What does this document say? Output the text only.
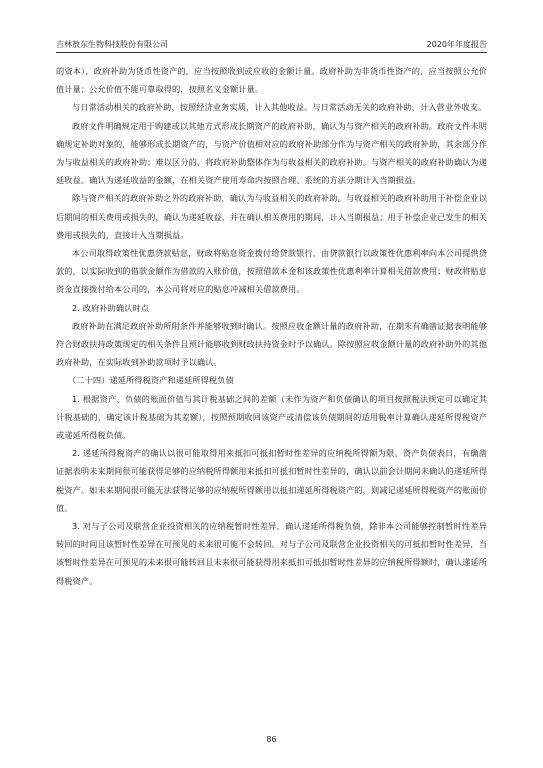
吉林敖东生物科技股份有限公司	2020年年度报告

的资本），政府补助为货币性资产的，应当按照收到或应收的金额计量。政府补助为非货币性资产的，应当按照公允价值计量；公允价值不能可靠取得的，按照名义金额计量。

与日常活动相关的政府补助，按照经济业务实质，计入其他收益。与日常活动无关的政府补助，计入营业外收支。

政府文件明确规定用于购建或以其他方式形成长期资产的政府补助，确认为与资产相关的政府补助。政府文件未明确规定补助对象的，能够形成长期资产的，与资产价值相对应的政府补助部分作为与资产相关的政府补助，其余部分作为与收益相关的政府补助；难以区分的，将政府补助整体作为与收益相关的政府补助。与资产相关的政府补助确认为递延收益。确认为递延收益的金额，在相关资产使用寿命内按照合理、系统的方法分期计入当期损益。

除与资产相关的政府补助之外的政府补助，确认为与收益相关的政府补助。与收益相关的政府补助用于补偿企业以后期间的相关费用或损失的，确认为递延收益，并在确认相关费用的期间，计入当期损益；用于补偿企业已发生的相关费用或损失的，直接计入当期损益。

本公司取得政策性优惠贷款贴息，财政将贴息资金拨付给贷款银行，由贷款银行以政策性优惠利率向本公司提供贷款的，以实际收到的借款金额作为借款的入账价值，按照借款本金和该政策性优惠利率计算相关借款费用；财政将贴息资金直接拨付给本公司的，本公司将对应的贴息冲减相关借款费用。

2. 政府补助确认时点

政府补助在满足政府补助所附条件并能够收到时确认。按照应收金额计量的政府补助，在期末有确凿证据表明能够符合财政扶持政策规定的相关条件且预计能够收到财政扶持资金时予以确认。除按照应收金额计量的政府补助外的其他政府补助，在实际收到补助款项时予以确认。

（二十四）递延所得税资产和递延所得税负债

1. 根据资产、负债的账面价值与其计税基础之间的差额（未作为资产和负债确认的项目按照税法规定可以确定其计税基础的，确定该计税基础为其差额），按照预期收回该资产或清偿该负债期间的适用税率计算确认递延所得税资产或递延所得税负债。

2. 递延所得税资产的确认以很可能取得用来抵扣可抵扣暂时性差异的应纳税所得额为限。资产负债表日，有确凿证据表明未来期间很可能获得足够的应纳税所得额用来抵扣可抵扣暂时性差异的，确认以前会计期间未确认的递延所得税资产。如未来期间很可能无法获得足够的应纳税所得额用以抵扣递延所得税资产的，则减记递延所得税资产的账面价值。

3. 对与子公司及联营企业投资相关的应纳税暂时性差异，确认递延所得税负债，除非本公司能够控制暂时性差异转回的时间且该暂时性差异在可预见的未来很可能不会转回。对与子公司及联营企业投资相关的可抵扣暂时性差异，当该暂时性差异在可预见的未来很可能转回且未来很可能获得用来抵扣可抵扣暂时性差异的应纳税所得额时，确认递延所得税资产。

86
